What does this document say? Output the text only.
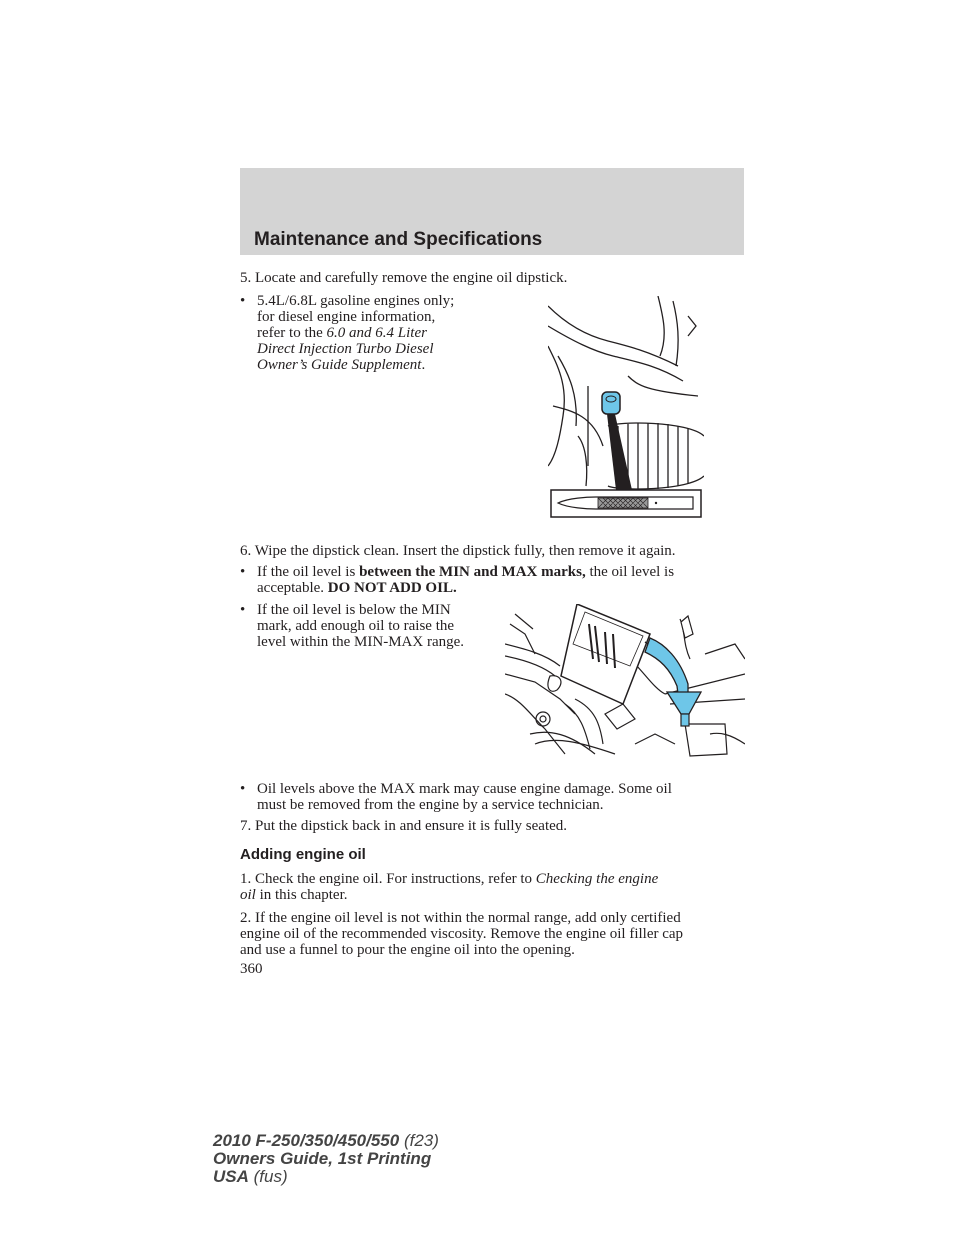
Maintenance and Specifications
5. Locate and carefully remove the engine oil dipstick.
• 5.4L/6.8L gasoline engines only;
for diesel engine information,
refer to the 6.0 and 6.4 Liter
Direct Injection Turbo Diesel
Owner’s Guide Supplement.
6. Wipe the dipstick clean. Insert the dipstick fully, then remove it again.
• If the oil level is between the MIN and MAX marks, the oil level is
acceptable. DO NOT ADD OIL.
• If the oil level is below the MIN
mark, add enough oil to raise the
level within the MIN-MAX range.
• Oil levels above the MAX mark may cause engine damage. Some oil
must be removed from the engine by a service technician.
7. Put the dipstick back in and ensure it is fully seated.
Adding engine oil
1. Check the engine oil. For instructions, refer to Checking the engine
oil in this chapter.
2. If the engine oil level is not within the normal range, add only certified
engine oil of the recommended viscosity. Remove the engine oil filler cap
and use a funnel to pour the engine oil into the opening.
360
2010 F-250/350/450/550 (f23)
Owners Guide, 1st Printing
USA (fus)
